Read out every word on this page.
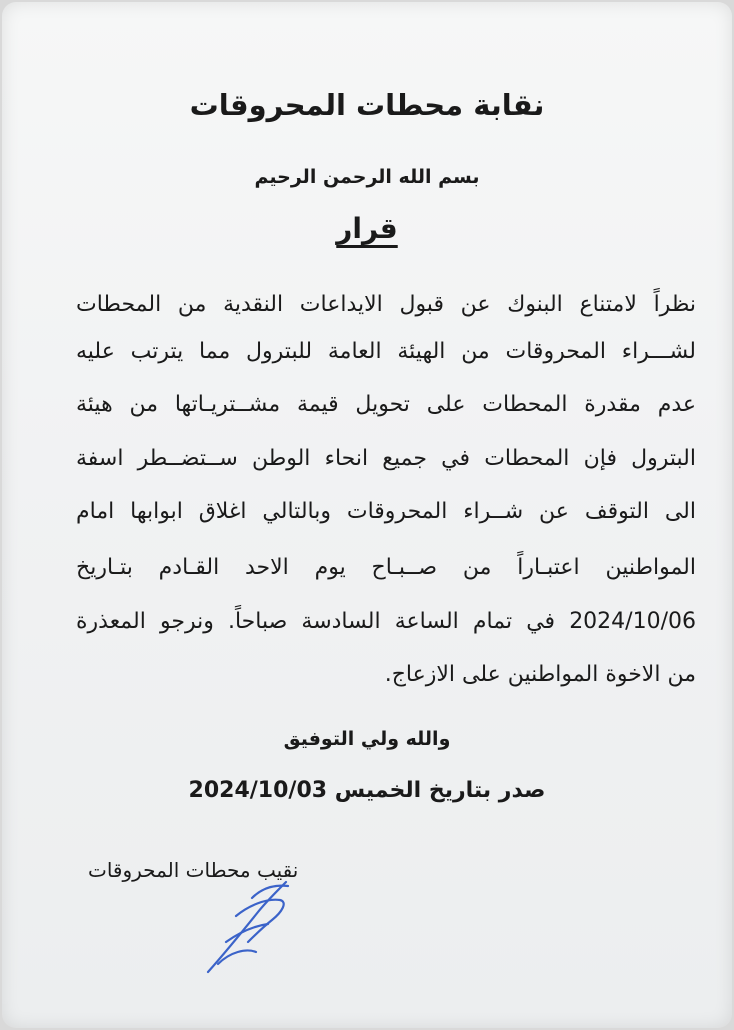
نقابة محطات المحروقات
بسم الله الرحمن الرحيم
قرار
نظراً لامتناع البنوك عن قبول الايداعات النقدية من المحطات
لشـــراء المحروقات من الهيئة العامة للبترول مما يترتب عليه
عدم مقدرة المحطات على تحويل قيمة مشــتريـاتها من هيئة
البترول فإن المحطات في جميع انحاء الوطن ســتضــطر اسفة
الى التوقف عن شــراء المحروقات وبالتالي اغلاق ابوابها امام
المواطنين اعتبـاراً من صــبـاح يوم الاحد القـادم بتـاريخ
2024/10/06 في تمام الساعة السادسة صباحاً. ونرجو المعذرة
من الاخوة المواطنين على الازعاج.
والله ولي التوفيق
صدر بتاريخ الخميس 2024/10/03
نقيب محطات المحروقات
